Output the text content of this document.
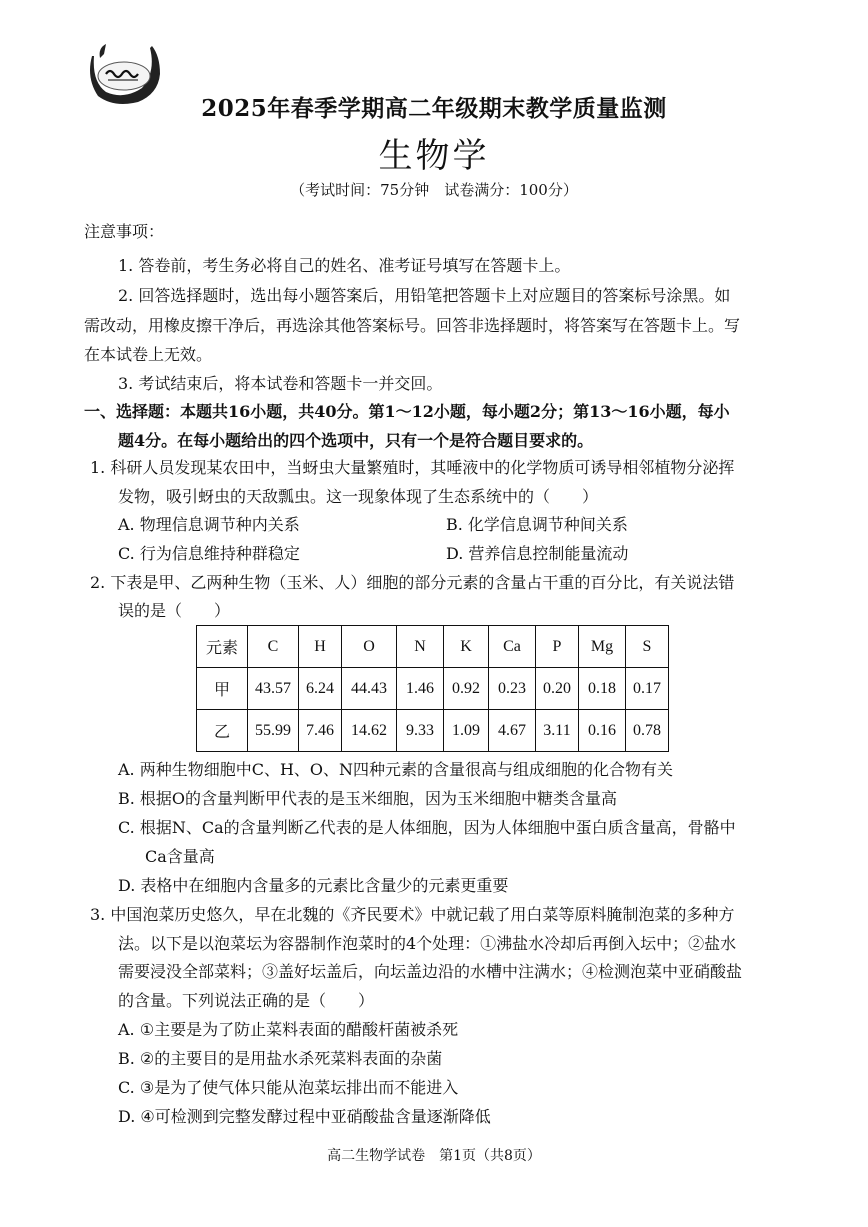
2025年春季学期高二年级期末教学质量监测
生物学
（考试时间：75分钟　试卷满分：100分）
注意事项：
1. 答卷前，考生务必将自己的姓名、准考证号填写在答题卡上。
2. 回答选择题时，选出每小题答案后，用铅笔把答题卡上对应题目的答案标号涂黑。如
需改动，用橡皮擦干净后，再选涂其他答案标号。回答非选择题时，将答案写在答题卡上。写
在本试卷上无效。
3. 考试结束后，将本试卷和答题卡一并交回。
一、选择题：本题共16小题，共40分。第1～12小题，每小题2分；第13～16小题，每小
题4分。在每小题给出的四个选项中，只有一个是符合题目要求的。
1. 科研人员发现某农田中，当蚜虫大量繁殖时，其唾液中的化学物质可诱导相邻植物分泌挥
发物，吸引蚜虫的天敌瓢虫。这一现象体现了生态系统中的（　　）
A. 物理信息调节种内关系	B. 化学信息调节种间关系
C. 行为信息维持种群稳定	D. 营养信息控制能量流动
2. 下表是甲、乙两种生物（玉米、人）细胞的部分元素的含量占干重的百分比，有关说法错
误的是（　　）
元素	C	H	O	N	K	Ca	P	Mg	S
甲	43.57	6.24	44.43	1.46	0.92	0.23	0.20	0.18	0.17
乙	55.99	7.46	14.62	9.33	1.09	4.67	3.11	0.16	0.78
A. 两种生物细胞中C、H、O、N四种元素的含量很高与组成细胞的化合物有关
B. 根据O的含量判断甲代表的是玉米细胞，因为玉米细胞中糖类含量高
C. 根据N、Ca的含量判断乙代表的是人体细胞，因为人体细胞中蛋白质含量高，骨骼中
Ca含量高
D. 表格中在细胞内含量多的元素比含量少的元素更重要
3. 中国泡菜历史悠久，早在北魏的《齐民要术》中就记载了用白菜等原料腌制泡菜的多种方
法。以下是以泡菜坛为容器制作泡菜时的4个处理：①沸盐水冷却后再倒入坛中；②盐水
需要浸没全部菜料；③盖好坛盖后，向坛盖边沿的水槽中注满水；④检测泡菜中亚硝酸盐
的含量。下列说法正确的是（　　）
A. ①主要是为了防止菜料表面的醋酸杆菌被杀死
B. ②的主要目的是用盐水杀死菜料表面的杂菌
C. ③是为了使气体只能从泡菜坛排出而不能进入
D. ④可检测到完整发酵过程中亚硝酸盐含量逐渐降低
高二生物学试卷　第1页（共8页）
